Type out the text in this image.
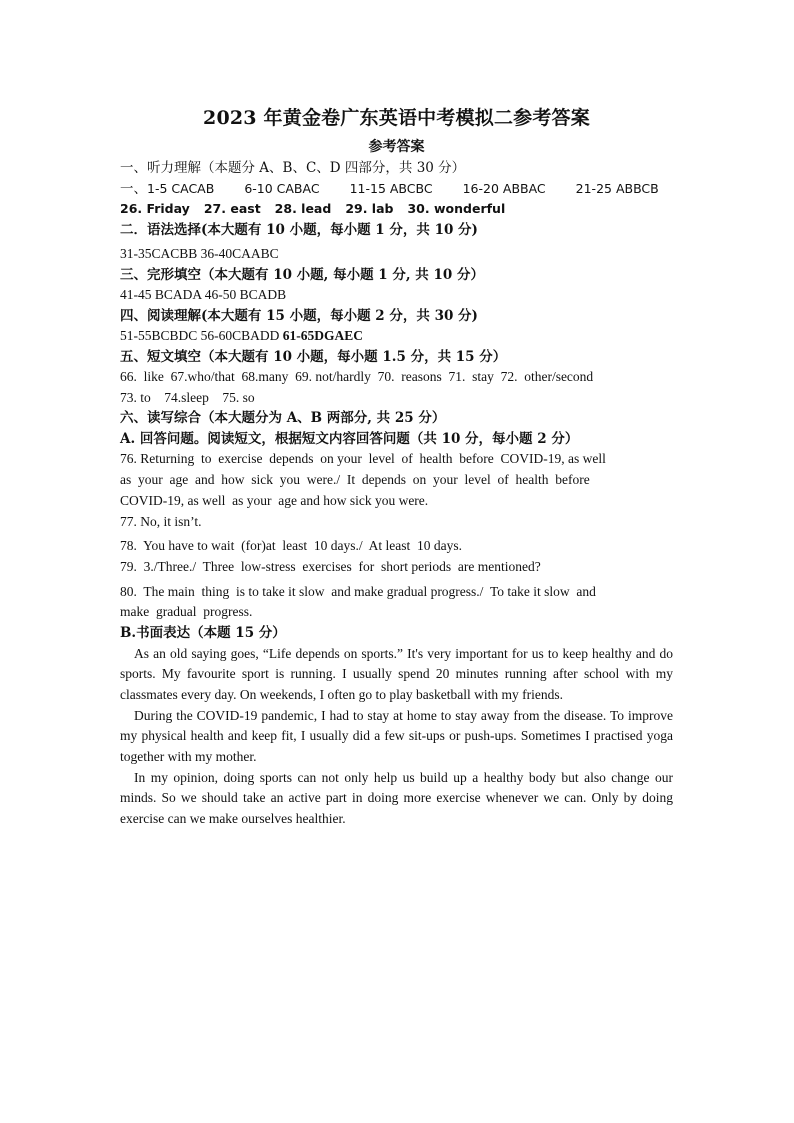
2023 年黄金卷广东英语中考模拟二参考答案
参考答案
一、听力理解（本题分 A、B、C、D 四部分，共 30 分）
一、1-5 CACAB 6-10 CABAC 11-15 ABCBC 16-20 ABBAC 21-25 ABBCB
26. Friday 27. east 28. lead 29. lab 30. wonderful
二．语法选择(本大题有 10 小题，每小题 1 分，共 10 分)
31-35CACBB 36-40CAABC
三、完形填空（本大题有 10 小题, 每小题 1 分, 共 10 分）
41-45 BCADA 46-50 BCADB
四、阅读理解(本大题有 15 小题，每小题 2 分，共 30 分)
51-55BCBDC 56-60CBADD 61-65DGAEC
五、短文填空（本大题有 10 小题，每小题 1.5 分，共 15 分）
66.  like  67.who/that  68.many  69. not/hardly  70.  reasons  71.  stay  72.  other/second
73. to    74.sleep    75. so
六、读写综合（本大题分为 A、B 两部分, 共 25 分）
A. 回答问题。阅读短文，根据短文内容回答问题（共 10 分，每小题 2 分）
76. Returning  to  exercise  depends  on your  level  of  health  before  COVID-19, as well
as  your  age  and  how  sick  you  were./  It  depends  on  your  level  of  health  before
COVID-19, as well  as your  age and how sick you were.
77. No, it isn’t.
78.  You have to wait  (for)at  least  10 days./  At least  10 days.
79.  3./Three./  Three  low-stress  exercises  for  short periods  are mentioned?
80.  The main  thing  is to take it slow  and make gradual progress./  To take it slow  and
make  gradual  progress.
B.书面表达（本题 15 分）

As an old saying goes, “Life depends on sports.” It's very important for us to keep healthy and do sports. My favourite sport is running. I usually spend 20 minutes running after school with my classmates every day. On weekends, I often go to play basketball with my friends.

During the COVID-19 pandemic, I had to stay at home to stay away from the disease. To improve my physical health and keep fit, I usually did a few sit-ups or push-ups. Sometimes I practised yoga together with my mother.

In my opinion, doing sports can not only help us build up a healthy body but also change our minds. So we should take an active part in doing more exercise whenever we can. Only by doing exercise can we make ourselves healthier.
